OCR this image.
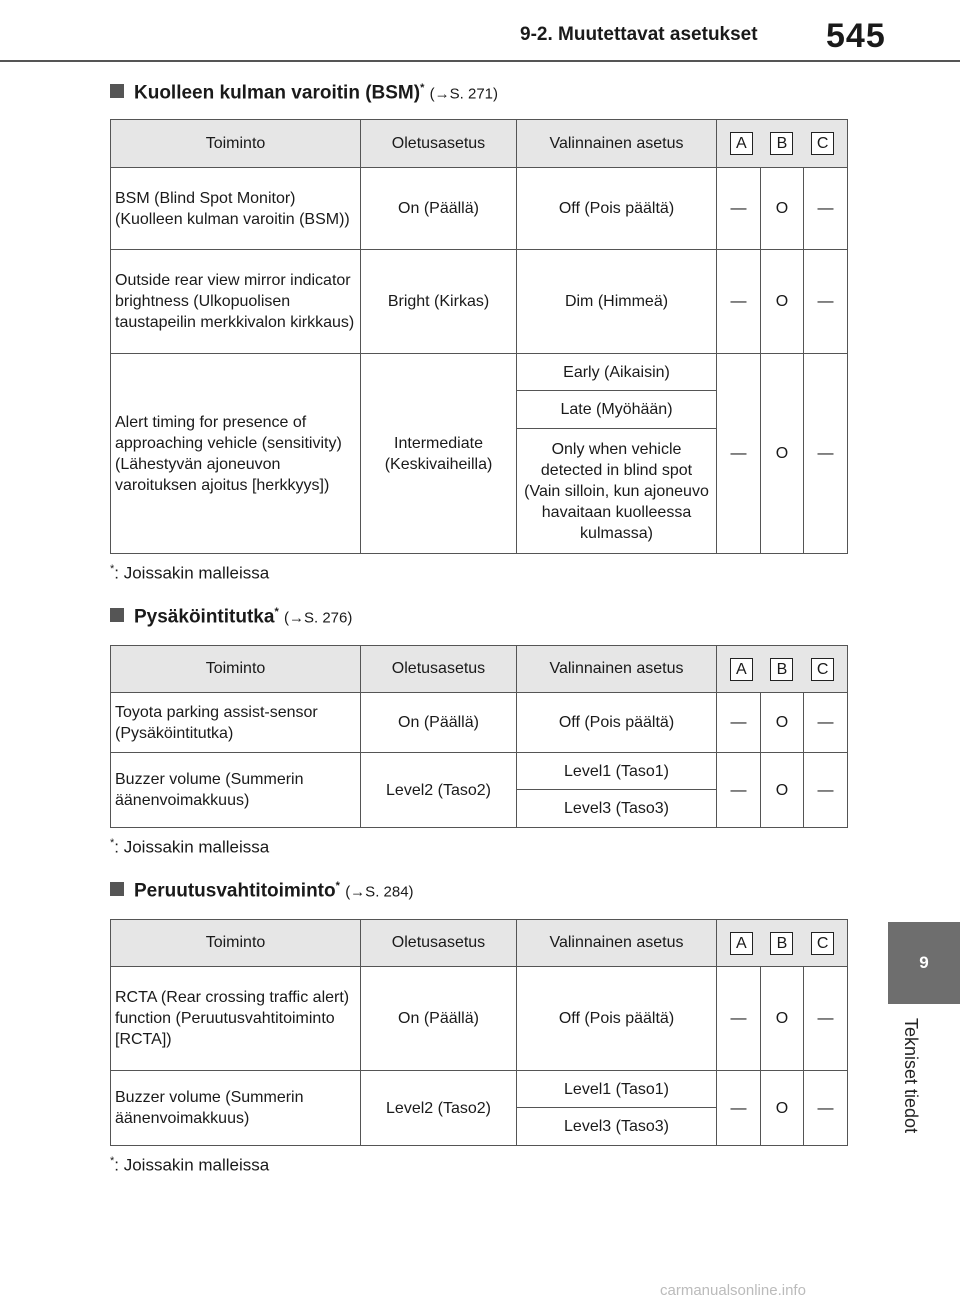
9-2. Muutettavat asetukset 545
9
Tekniset tiedot
Kuolleen kulman varoitin (BSM)* (→S. 271)
Toiminto	Oletusasetus	Valinnainen asetus	A B C		

BSM (Blind Spot Monitor) (Kuolleen kulman varoitin (BSM))	On (Päällä)	Off (Pois päältä)	—	O	—
Outside rear view mirror indicator brightness (Ulkopuolisen taustapeilin merkkivalon kirkkaus)	Bright (Kirkas)	Dim (Himmeä)	—	O	—
Alert timing for presence of approaching vehicle (sensitivity) (Lähestyvän ajoneuvon varoituksen ajoitus [herkkyys])	Intermediate (Keskivaiheilla)	Early (Aikaisin)	—	O	—
		Late (Myöhään)			
		Only when vehicle detected in blind spot (Vain silloin, kun ajoneuvo havaitaan kuolleessa kulmassa)			
*: Joissakin malleissa
Pysäköintitutka* (→S. 276)
Toiminto	Oletusasetus	Valinnainen asetus	A B C		

Toyota parking assist-sensor (Pysäköintitutka)	On (Päällä)	Off (Pois päältä)	—	O	—
Buzzer volume (Summerin äänenvoimakkuus)	Level2 (Taso2)	Level1 (Taso1)	—	O	—
		Level3 (Taso3)			
*: Joissakin malleissa
Peruutusvahtitoiminto* (→S. 284)
Toiminto	Oletusasetus	Valinnainen asetus	A B C		

RCTA (Rear crossing traffic alert) function (Peruutusvahtitoiminto [RCTA])	On (Päällä)	Off (Pois päältä)	—	O	—
Buzzer volume (Summerin äänenvoimakkuus)	Level2 (Taso2)	Level1 (Taso1)	—	O	—
		Level3 (Taso3)			
*: Joissakin malleissa
carmanualsonline.info
